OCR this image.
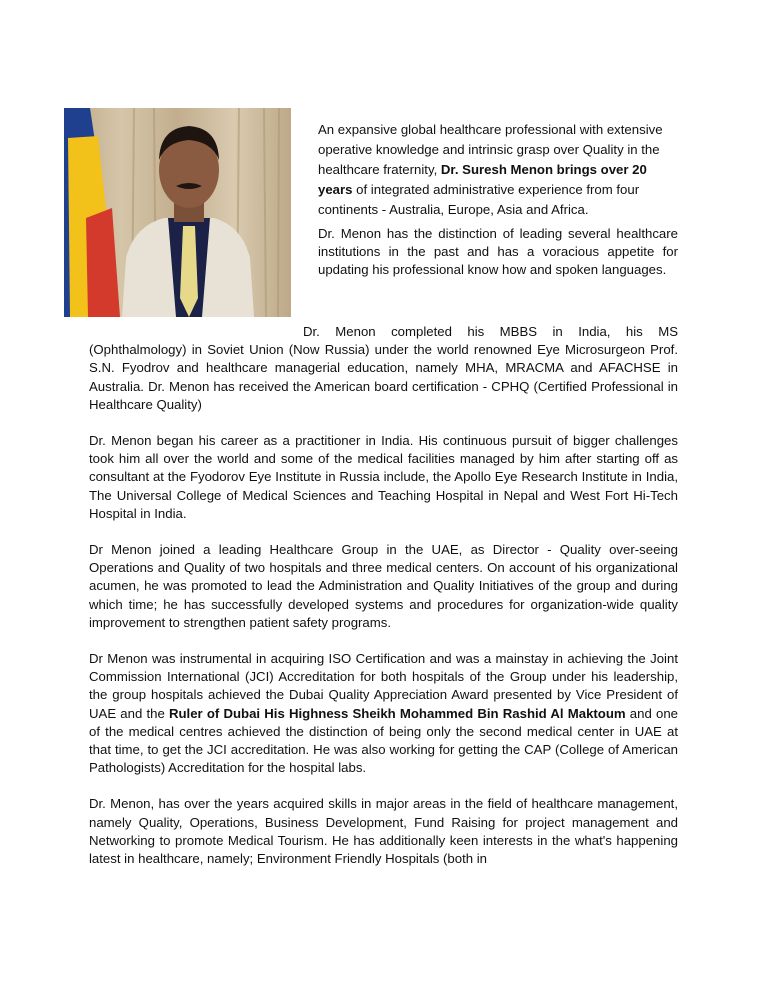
An expansive global healthcare professional with extensive operative knowledge and intrinsic grasp over Quality in the healthcare fraternity, Dr. Suresh Menon brings over 20 years of integrated administrative experience from four continents - Australia, Europe, Asia and Africa.

Dr. Menon has the distinction of leading several healthcare institutions in the past and has a voracious appetite for updating his professional know how and spoken languages.

Dr. Menon completed his MBBS in India, his MS (Ophthalmology) in Soviet Union (Now Russia) under the world renowned Eye Microsurgeon Prof. S.N. Fyodrov and healthcare managerial education, namely MHA, MRACMA and AFACHSE in Australia. Dr. Menon has received the American board certification - CPHQ (Certified Professional in Healthcare Quality)

Dr. Menon began his career as a practitioner in India. His continuous pursuit of bigger challenges took him all over the world and some of the medical facilities managed by him after starting off as consultant at the Fyodorov Eye Institute in Russia include, the Apollo Eye Research Institute in India, The Universal College of Medical Sciences and Teaching Hospital in Nepal and West Fort Hi-Tech Hospital in India.

Dr Menon joined a leading Healthcare Group in the UAE, as Director - Quality over-seeing Operations and Quality of two hospitals and three medical centers. On account of his organizational acumen, he was promoted to lead the Administration and Quality Initiatives of the group and during which time; he has successfully developed systems and procedures for organization-wide quality improvement to strengthen patient safety programs.

Dr Menon was instrumental in acquiring ISO Certification and was a mainstay in achieving the Joint Commission International (JCI) Accreditation for both hospitals of the Group under his leadership, the group hospitals achieved the Dubai Quality Appreciation Award presented by Vice President of UAE and the Ruler of Dubai His Highness Sheikh Mohammed Bin Rashid Al Maktoum and one of the medical centres achieved the distinction of being only the second medical center in UAE at that time, to get the JCI accreditation. He was also working for getting the CAP (College of American Pathologists) Accreditation for the hospital labs.

Dr. Menon, has over the years acquired skills in major areas in the field of healthcare management, namely Quality, Operations, Business Development, Fund Raising for project management and Networking to promote Medical Tourism. He has additionally keen interests in the what's happening latest in healthcare, namely; Environment Friendly Hospitals (both in
